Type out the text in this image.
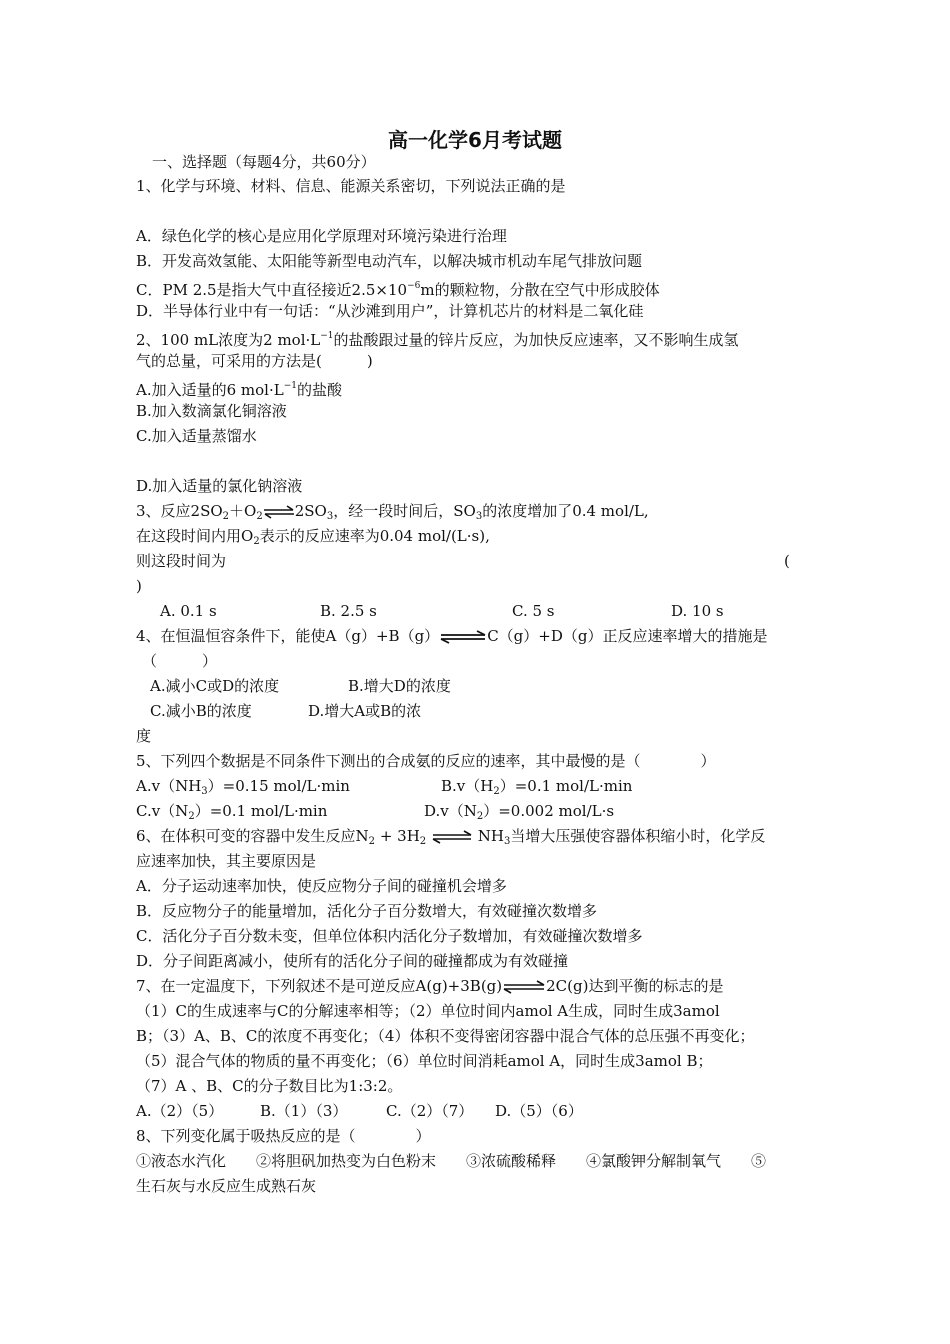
高一化学6月考试题
一、选择题（每题4分，共60分）
1、化学与环境、材料、信息、能源关系密切，下列说法正确的是
A．绿色化学的核心是应用化学原理对环境污染进行治理
B．开发高效氢能、太阳能等新型电动汽车，以解决城市机动车尾气排放问题
C．PM 2.5是指大气中直径接近$2.5\times 10^{-6}m$的颗粒物，分散在空气中形成胶体
D．半导体行业中有一句话：“从沙滩到用户”，计算机芯片的材料是二氧化硅
2、100 mL浓度为2 $mol\cdot L^{-1}$的盐酸跟过量的锌片反应，为加快反应速率，又不影响生成氢
气的总量，可采用的方法是(　　　)
A.加入适量的6 $mol\cdot L^{-1}$的盐酸
B.加入数滴氯化铜溶液
C.加入适量蒸馏水
D.加入适量的氯化钠溶液
3、反应$2SO_2+O_2\rightleftharpoons 2SO_3$，经一段时间后，$SO_3$的浓度增加了0.4 mol/L,
在这段时间内用$O_2$表示的反应速率为0.04 mol/(L·s),
则这段时间为	(
)
A. 0.1 s	B. 2.5 s	C. 5 s	D. 10 s
4、在恒温恒容条件下，能使A（g）+B（g）⇌C（g）+D（g）正反应速率增大的措施是
（　　　）
A.减小C或D的浓度	B.增大D的浓度
C.减小B的浓度	D.增大A或B的浓
度
5、下列四个数据是不同条件下测出的合成氨的反应的速率，其中最慢的是（　　　　）
$A.v(NH_3)=0.15$ mol/L·min	$B.v(H_2)=0.1$ mol/L·min
$C.v(N_2)=0.1$ mol/L·min	$D.v(N_2)=0.002$ mol/L·s
6、在体积可变的容器中发生反应$N_2 + 3H_2$ ⇌ $NH_3$当增大压强使容器体积缩小时，化学反
应速率加快，其主要原因是
A．分子运动速率加快，使反应物分子间的碰撞机会增多
B．反应物分子的能量增加，活化分子百分数增大，有效碰撞次数增多
C．活化分子百分数未变，但单位体积内活化分子数增加，有效碰撞次数增多
D．分子间距离减小，使所有的活化分子间的碰撞都成为有效碰撞
7、在一定温度下，下列叙述不是可逆反应A(g)+3B(g)⇌2C(g)达到平衡的标志的是
（1）C的生成速率与C的分解速率相等；（2）单位时间内amol A生成，同时生成3amol
B；（3）A、B、C的浓度不再变化；（4）体积不变得密闭容器中混合气体的总压强不再变化；
（5）混合气体的物质的量不再变化；（6）单位时间消耗amol A，同时生成3amol B；
（7）A 、B、C的分子数目比为1:3:2。
A.（2）（5） B.（1）（3）	C.（2）（7） D.（5）（6）
8、下列变化属于吸热反应的是（　　　　）
①液态水汽化　　②将胆矾加热变为白色粉末　　③浓硫酸稀释　　④氯酸钾分解制氧气　　⑤
生石灰与水反应生成熟石灰
